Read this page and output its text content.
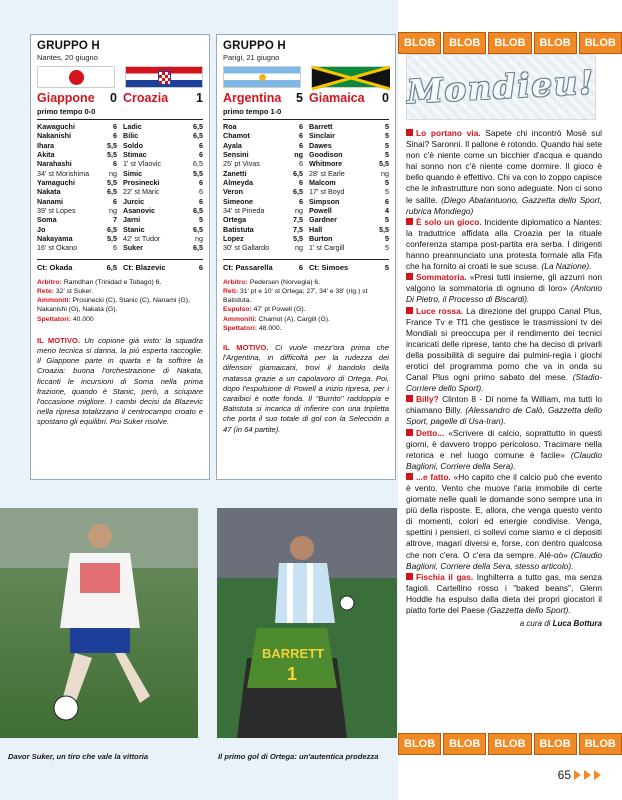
GRUPPO H
Nantes, 20 giugno
Giappone 0 Croazia 1
primo tempo 0-0
Kawaguchi	6
Nakanishi	6
Ihara	5,5
Akita	5,5
Narahashi	6
34' st Morishima	ng
Yamaguchi	5,5
Nakata	6,5
Nanami	6
39' st Lopes	ng
Soma	7
Jo	6,5
Nakayama	5,5
16' st Okano	6
Ladic	6,5
Bilic	6,5
Soldo	6
Stimac	6
1' st Vlaovic	6,5
Simic	5,5
Prosinecki	6
22' st Maric	6
Jurcic	6
Asanovic	6,5
Jarni	5
Stanic	6,5
42' st Tudor	ng
Suker	6,5
Ct: Okada	6,5 Ct: Blazevic	6
Arbitro: Ramdhan (Trinidad e Tobago) 6.
Rete: 32' st Suker.
Ammoniti: Prosinecki (C), Stanic (C), Nanami (G), Nakanishi (G), Nakata (G).
Spettatori: 40.000
IL MOTIVO. Un copione già visto: la squadra meno tecnica si danna, la più esperta raccoglie. Il Giappone parte in quarta e fa soffrire la Croazia: buona l'orchestrazione di Nakata, ficcanti le incursioni di Soma nella prima frazione, quando è Stanic, però, a sciupare l'occasione migliore. I cambi decisi da Blazevic nella ripresa totalizzano il centrocampo croato e spostano gli equilibri. Poi Suker risolve.
GRUPPO H
Parigi, 21 giugno
Argentina 5 Giamaica 0
primo tempo 1-0
Roa	6
Chamot	6
Ayala	6
Sensini	ng
25' pt Vivas	6
Zanetti	6,5
Almeyda	6
Veron	6,5
Simeone	6
34' st Pineda	ng
Ortega	7,5
Batistuta	7,5
Lopez	5,5
30' st Gallardo	ng
Barrett	5
Sinclair	5
Dawes	5
Goodison	5
Whitmore	5,5
28' st Earle	ng
Malcom	5
17' st Boyd	5
Simpson	6
Powell	4
Gardner	5
Hall	5,5
Burton	5
1' st Cargill	5
Ct: Passarella	6 Ct: Simoes	5
Arbitro: Pedersen (Norvegia) 6.
Reti: 31' pt e 10' st Ortega; 27', 34' e 38' (rig.) st Batistuta.
Espulso: 47' pt Powell (G).
Ammoniti: Chamot (A), Cargill (G).
Spettatori: 48.000.
IL MOTIVO. Ci vuole mezz'ora prima che l'Argentina, in difficoltà per la rudezza dei difensori giamaicani, trovi il bandolo della matassa grazie a un capolavoro di Ortega. Poi, dopo l'espulsione di Powell a inizio ripresa, per i caraibici è notte fonda. Il "Burrito" raddoppia e Batistuta si incarica di infierire con una tripletta che porta il suo totale di gol con la Selección a 47 (in 64 partite).
BARRETT
1
Davor Suker, un tiro che vale la vittoria	Il primo gol di Ortega: un'autentica prodezza
BLOB	BLOB	BLOB	BLOB	BLOB
Mondieu!

Lo portano via. Sapete chi incontrò Mosè sul Sinai? Saronni. Il pallone è rotondo. Quando hai sete non c'è niente come un bicchier d'acqua e quando hai sonno non c'è niente come dormire. Il gioco è bello quando è effettivo. Chi va con lo zoppo capisce che le infrastrutture non sono adeguate. Non ci sono le salite. (Diego Abatantuono, Gazzetta dello Sport, rubrica Mondiego)

È solo un gioco. Incidente diplomatico a Nantes: la traduttrice affidata alla Croazia per la rituale conferenza stampa post-partita era serba. I dirigenti hanno preannunciato una protesta formale alla Fifa che ha fornito ai croati le sue scuse. (La Nazione).

Sommatoria. «Presi tutti insieme, gli azzurri non valgono la sommatoria di ognuno di loro» (Antonio Di Pietro, il Processo di Biscardi).

Luce rossa. La direzione del gruppo Canal Plus, France Tv e Tf1 che gestisce le trasmissioni tv dei Mondiali si preoccupa per il rendimento dei tecnici incaricati delle riprese, tanto che ha deciso di privarli della possibilità di seguire dai pulmini-regia i giochi erotici del programma porno che va in onda su Canal Plus ogni primo sabato del mese. (Stadio-Corriere dello Sport).

Billy? Clinton 8 - Di nome fa William, ma tutti lo chiamano Billy. (Alessandro de Calò, Gazzetta dello Sport, pagelle di Usa-Iran).

Detto... «Scrivere di calcio, soprattutto in questi giorni, è davvero troppo pericoloso. Tracimare nella retorica e nel luogo comune è facile» (Claudio Baglioni, Corriere della Sera).

...e fatto. «Ho capito che il calcio può che evento è vento. Vento che muove l'aria immobile di certe giornate nelle quali le domande sono sempre una in più della risposte. E, allora, che venga questo vento di momenti, colori ed energie condivise. Venga, spettini i pensieri, ci sollevi come siamo e ci depositi altrove, magari diversi e, forse, con dentro qualcosa che non c'era. O c'era da sempre. Alé-oò» (Claudio Baglioni, Corriere della Sera, stesso articolo).

Fischia il gas. Inghilterra a tutto gas, ma senza fagioli. Cartellino rosso i "baked beans", Glenn Hoddle ha espulso dalla dieta dei propri giocatori il piatto forte del Paese (Gazzetta dello Sport).

a cura di Luca Bottura
BLOB	BLOB	BLOB	BLOB	BLOB
65
